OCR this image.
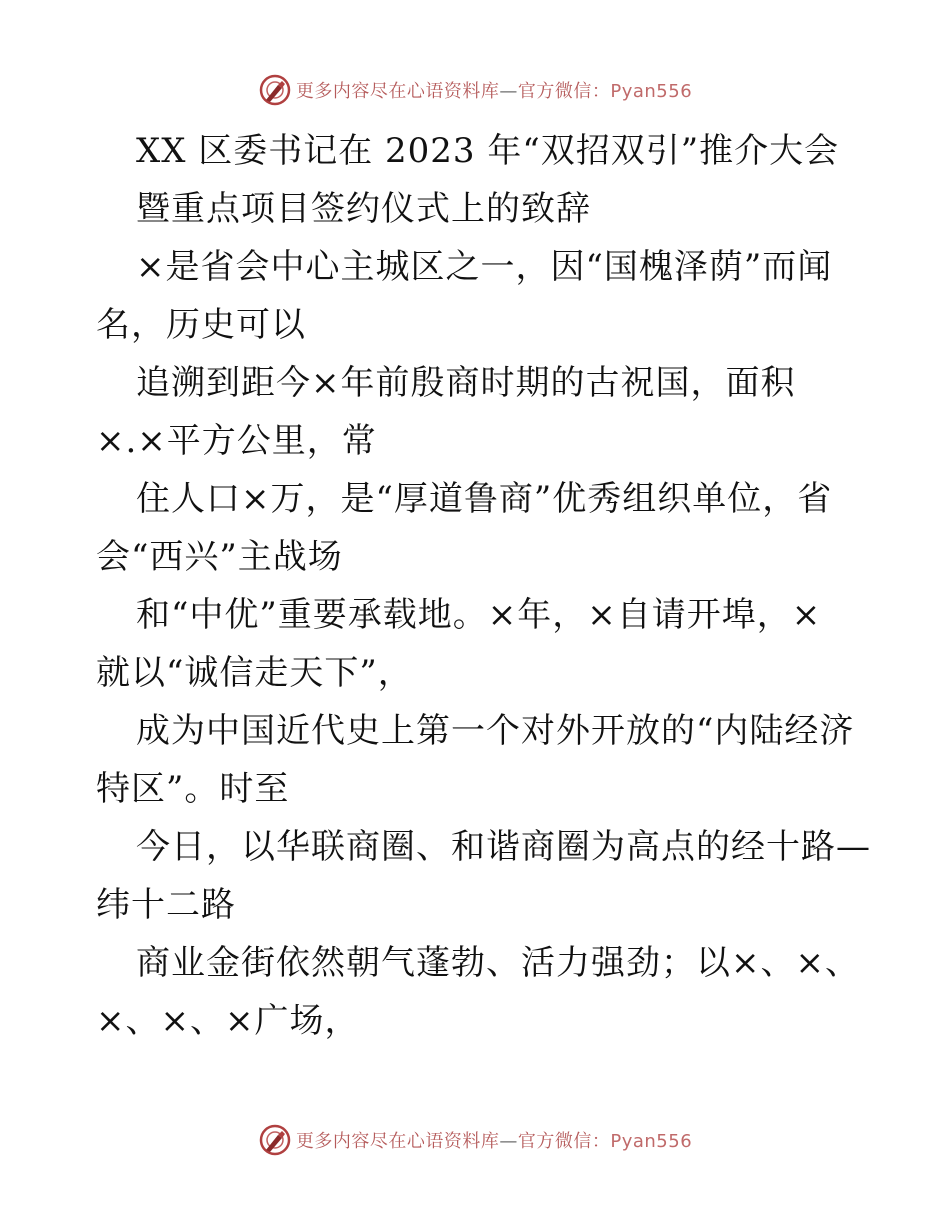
更多内容尽在心语资料库—官方微信：Pyan556
XX 区委书记在 2023 年“双招双引”推介大会
暨重点项目签约仪式上的致辞
×是省会中心主城区之一，因“国槐泽荫”而闻
名，历史可以
追溯到距今×年前殷商时期的古祝国，面积
×.×平方公里，常
住人口×万，是“厚道鲁商”优秀组织单位，省
会“西兴”主战场
和“中优”重要承载地。×年，×自请开埠，×
就以“诚信走天下”，
成为中国近代史上第一个对外开放的“内陆经济
特区”。时至
今日，以华联商圈、和谐商圈为高点的经十路—
纬十二路
商业金街依然朝气蓬勃、活力强劲；以×、×、
×、×、×广场，
更多内容尽在心语资料库—官方微信：Pyan556
